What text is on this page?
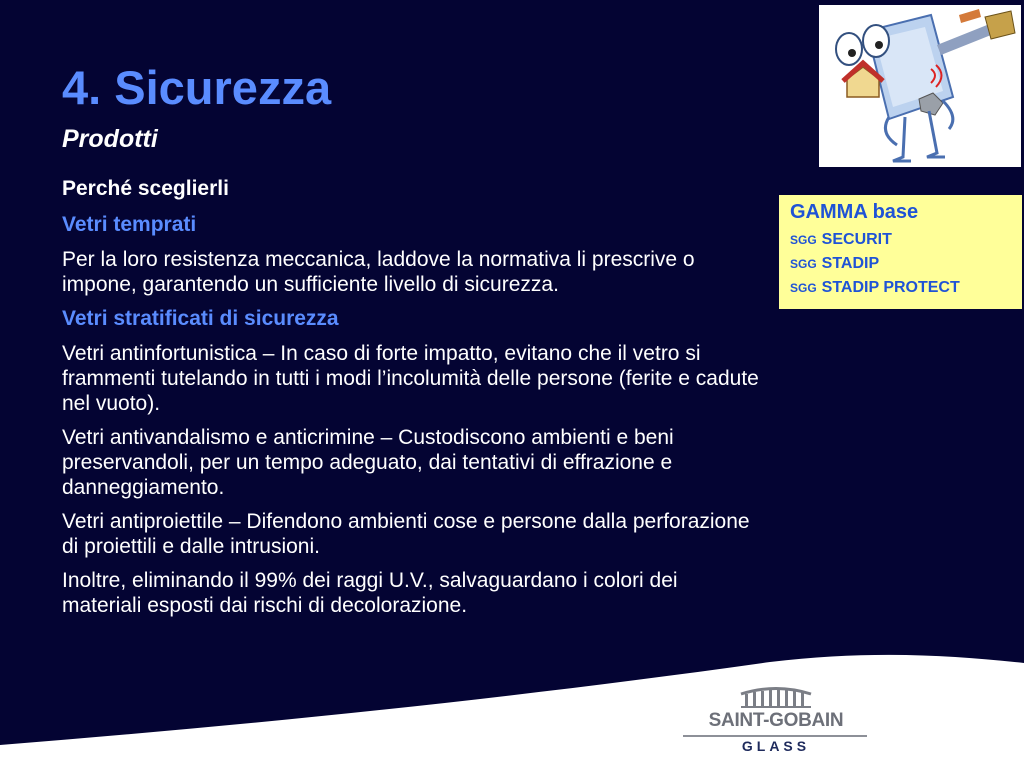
4. Sicurezza
Prodotti
Perché sceglierli
Vetri temprati
Per la loro resistenza meccanica, laddove la normativa li prescrive o impone, garantendo un sufficiente livello di sicurezza.
Vetri stratificati di sicurezza
Vetri antinfortunistica – In caso di forte impatto, evitano che il vetro si frammenti tutelando in tutti i modi l’incolumità delle persone (ferite e cadute nel vuoto).
Vetri antivandalismo e anticrimine – Custodiscono ambienti e beni preservandoli, per un tempo adeguato, dai tentativi di effrazione e danneggiamento.
Vetri antiproiettile – Difendono ambienti cose e persone dalla perforazione di proiettili e dalle intrusioni.
Inoltre, eliminando il 99% dei raggi U.V., salvaguardano i colori dei materiali esposti dai rischi di decolorazione.
GAMMA base
SGG SECURIT
SGG STADIP
SGG STADIP PROTECT
SAINT-GOBAIN
GLASS
